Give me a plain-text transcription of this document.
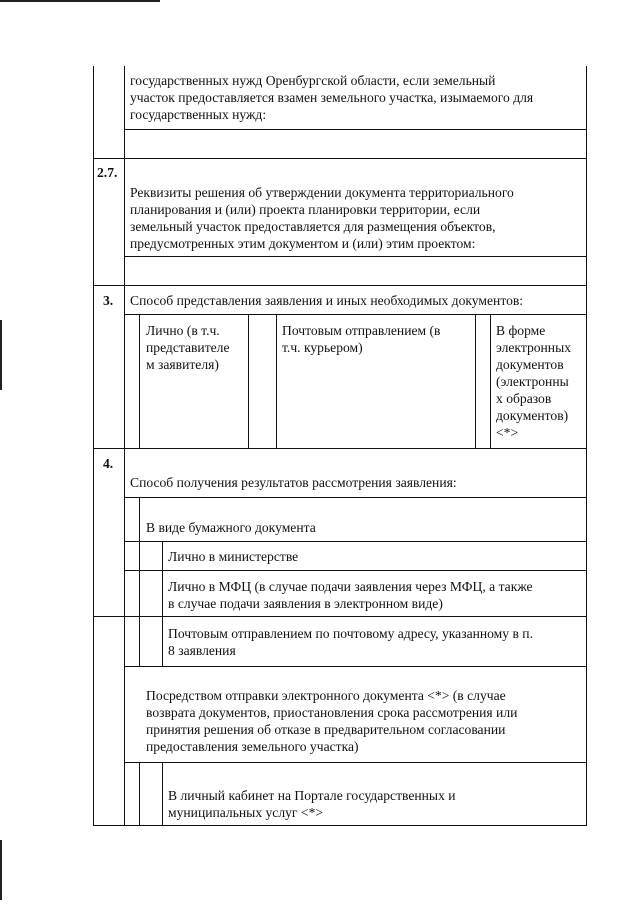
государственных нужд Оренбургской области, если земельный
участок предоставляется взамен земельного участка, изымаемого для
государственных нужд:
2.7.
Реквизиты решения об утверждении документа территориального
планирования и (или) проекта планировки территории, если
земельный участок предоставляется для размещения объектов,
предусмотренных этим документом и (или) этим проектом:
3. Способ представления заявления и иных необходимых документов:
Лично (в т.ч.
представителе
м заявителя)
Почтовым отправлением (в
т.ч. курьером)
В форме
электронных
документов
(электронны
х образов
документов)
<*>
4.
Способ получения результатов рассмотрения заявления:
В виде бумажного документа
Лично в министерстве
Лично в МФЦ (в случае подачи заявления через МФЦ, а также
в случае подачи заявления в электронном виде)
Почтовым отправлением по почтовому адресу, указанному в п.
8 заявления
Посредством отправки электронного документа <*> (в случае
возврата документов, приостановления срока рассмотрения или
принятия решения об отказе в предварительном согласовании
предоставления земельного участка)
В личный кабинет на Портале государственных и
муниципальных услуг <*>
